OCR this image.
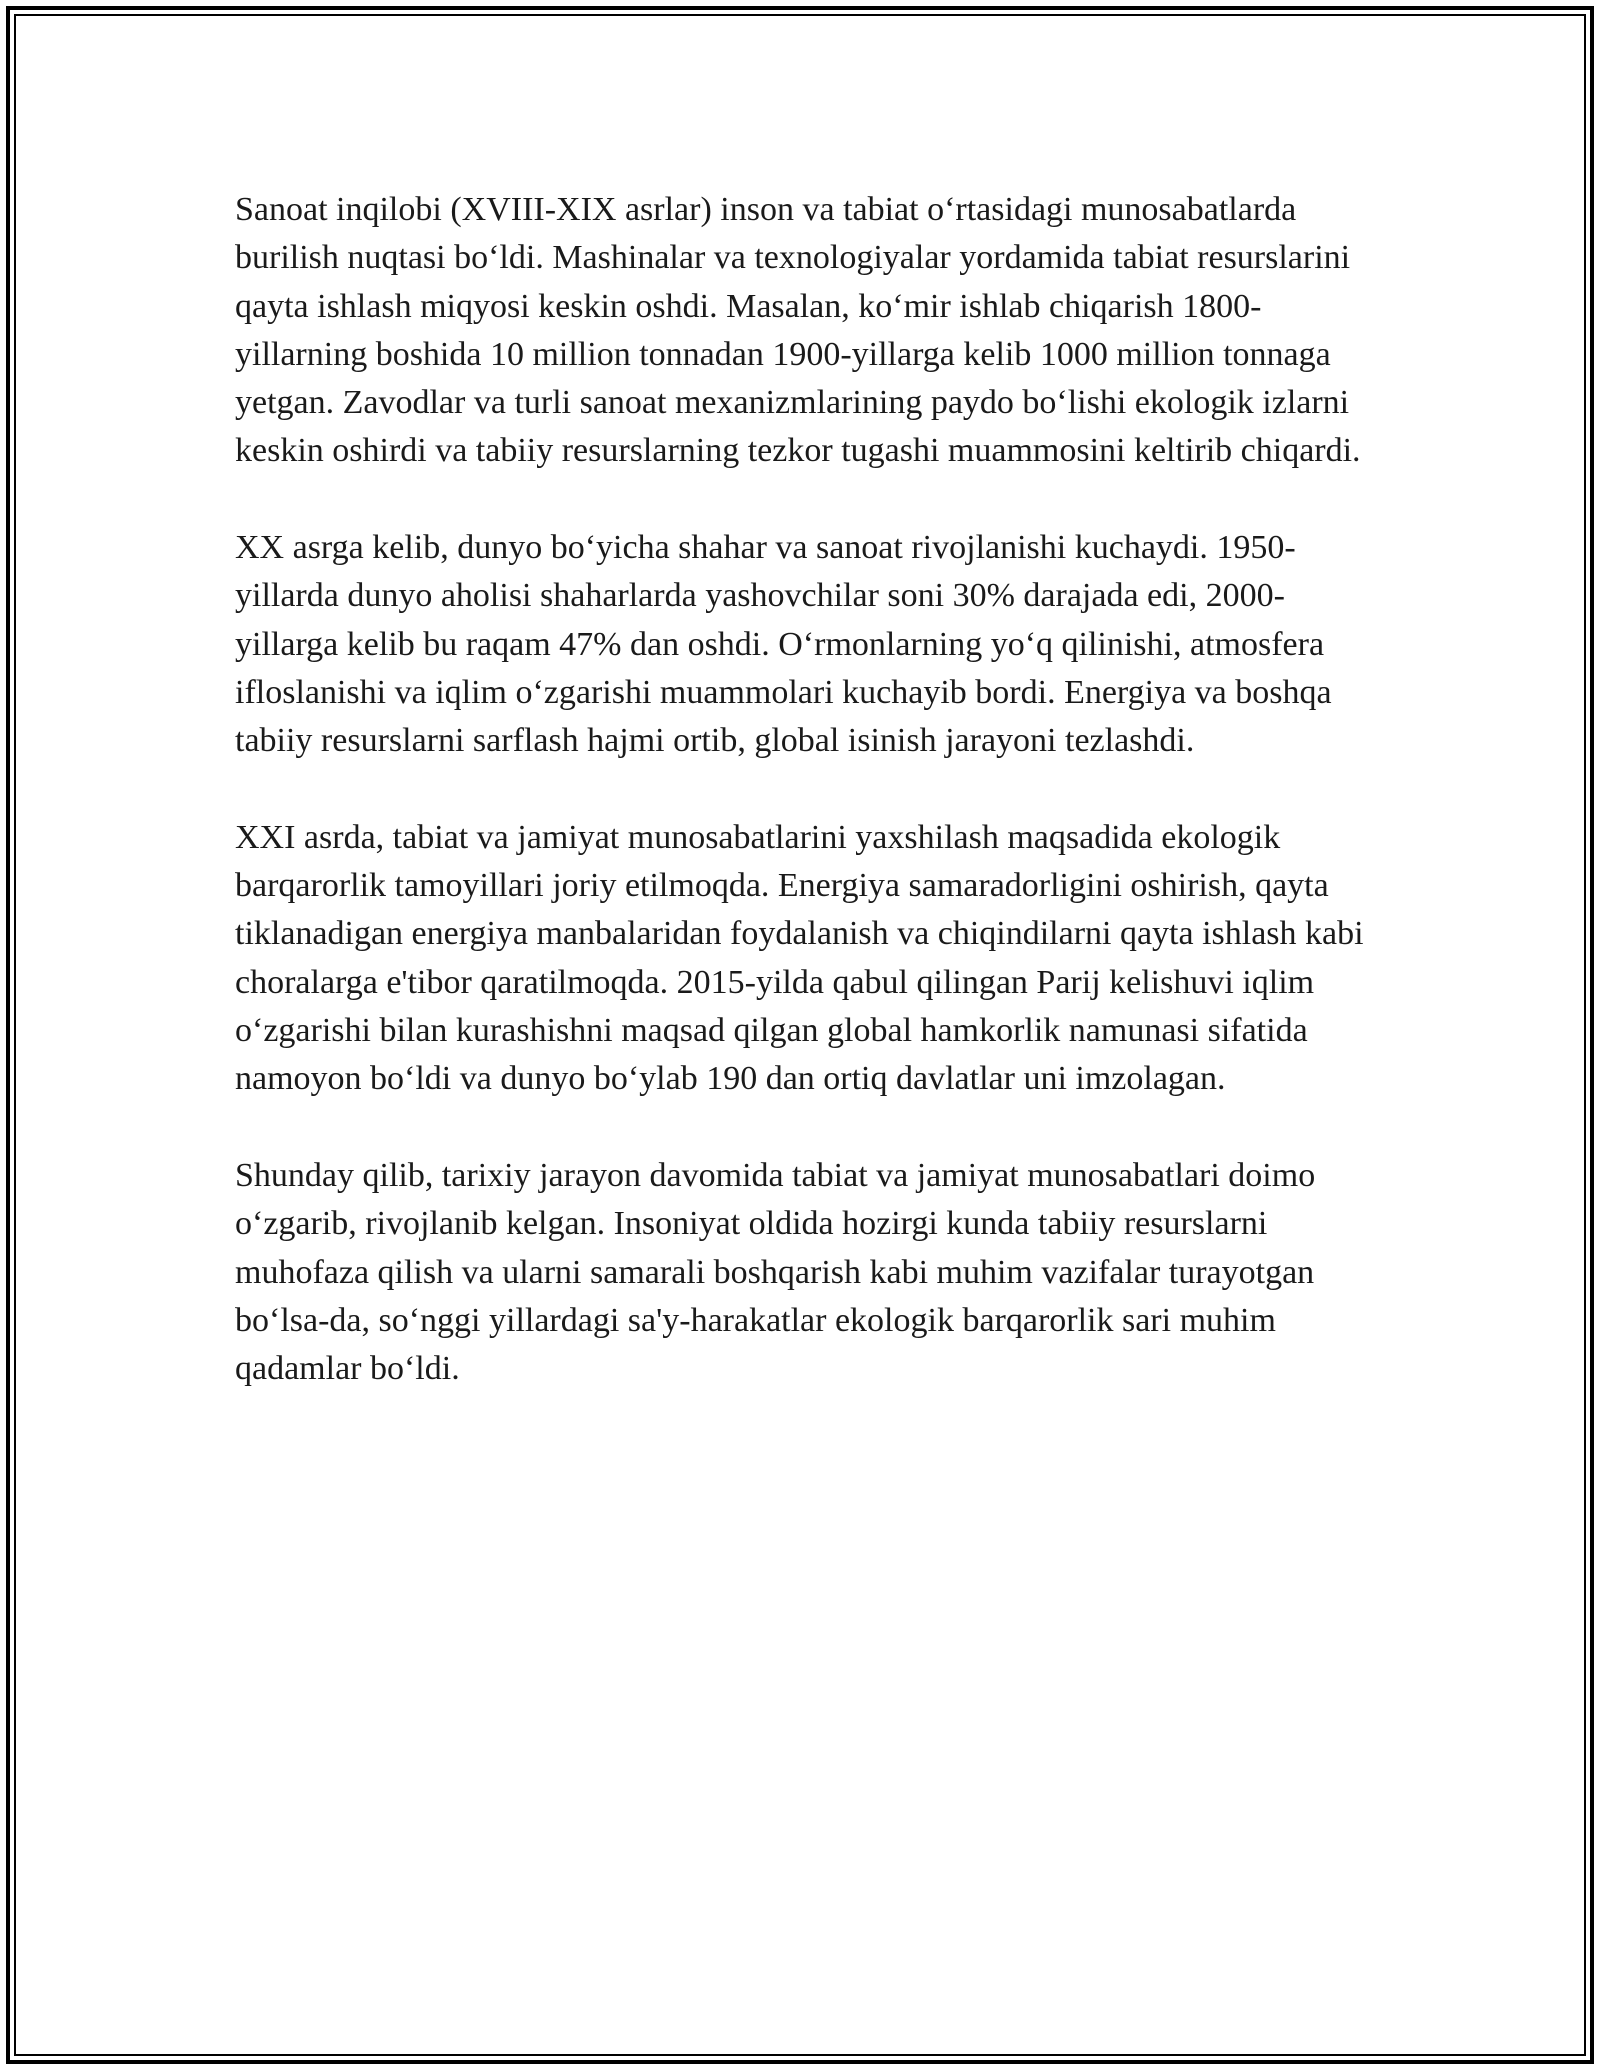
Sanoat inqilobi (XVIII-XIX asrlar) inson va tabiat o‘rtasidagi munosabatlarda burilish nuqtasi bo‘ldi. Mashinalar va texnologiyalar yordamida tabiat resurslarini qayta ishlash miqyosi keskin oshdi. Masalan, ko‘mir ishlab chiqarish 1800-yillarning boshida 10 million tonnadan 1900-yillarga kelib 1000 million tonnaga yetgan. Zavodlar va turli sanoat mexanizmlarining paydo bo‘lishi ekologik izlarni keskin oshirdi va tabiiy resurslarning tezkor tugashi muammosini keltirib chiqardi.

XX asrga kelib, dunyo bo‘yicha shahar va sanoat rivojlanishi kuchaydi. 1950-yillarda dunyo aholisi shaharlarda yashovchilar soni 30% darajada edi, 2000-yillarga kelib bu raqam 47% dan oshdi. O‘rmonlarning yo‘q qilinishi, atmosfera ifloslanishi va iqlim o‘zgarishi muammolari kuchayib bordi. Energiya va boshqa tabiiy resurslarni sarflash hajmi ortib, global isinish jarayoni tezlashdi.

XXI asrda, tabiat va jamiyat munosabatlarini yaxshilash maqsadida ekologik barqarorlik tamoyillari joriy etilmoqda. Energiya samaradorligini oshirish, qayta tiklanadigan energiya manbalaridan foydalanish va chiqindilarni qayta ishlash kabi choralarga e'tibor qaratilmoqda. 2015-yilda qabul qilingan Parij kelishuvi iqlim o‘zgarishi bilan kurashishni maqsad qilgan global hamkorlik namunasi sifatida namoyon bo‘ldi va dunyo bo‘ylab 190 dan ortiq davlatlar uni imzolagan.

Shunday qilib, tarixiy jarayon davomida tabiat va jamiyat munosabatlari doimo o‘zgarib, rivojlanib kelgan. Insoniyat oldida hozirgi kunda tabiiy resurslarni muhofaza qilish va ularni samarali boshqarish kabi muhim vazifalar turayotgan bo‘lsa-da, so‘nggi yillardagi sa'y-harakatlar ekologik barqarorlik sari muhim qadamlar bo‘ldi.
